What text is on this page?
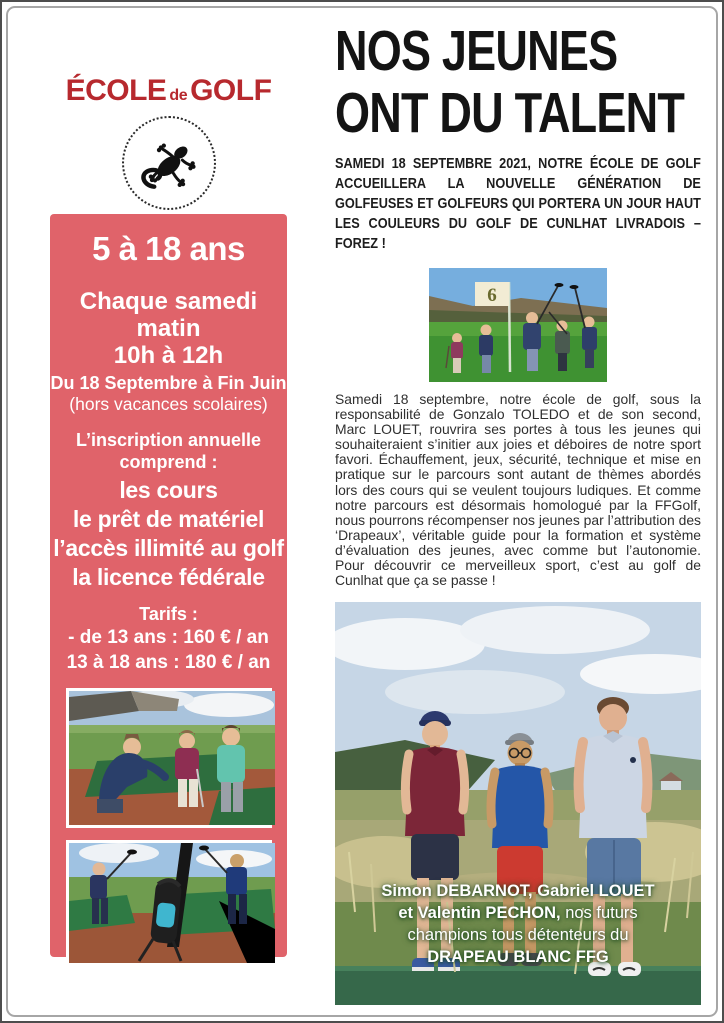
ÉCOLE de GOLF
5 à 18 ans
Chaque samedi matin
10h à 12h
Du 18 Septembre à Fin Juin
(hors vacances scolaires)
L’inscription annuelle
comprend :
les cours
le prêt de matériel
l’accès illimité au golf
la licence fédérale
Tarifs :
- de 13 ans : 160 € / an
13 à 18 ans : 180 € / an
NOS JEUNES
ONT DU TALENT

SAMEDI 18 SEPTEMBRE 2021, NOTRE ÉCOLE DE GOLF ACCUEILLERA LA NOUVELLE GÉNÉRATION DE GOLFEUSES ET GOLFEURS QUI PORTERA UN JOUR HAUT LES COULEURS DU GOLF DE CUNLHAT LIVRADOIS – FOREZ !

6

Samedi 18 septembre, notre école de golf, sous la responsabilité de Gonzalo TOLEDO et de son second, Marc LOUET, rouvrira ses portes à tous les jeunes qui souhaiteraient s’initier aux joies et déboires de notre sport favori. Échauffement, jeux, sécurité, technique et mise en pratique sur le parcours sont autant de thèmes abordés lors des cours qui se veulent toujours ludiques. Et comme notre parcours est désormais homologué par la FFGolf, nous pourrons récompenser nos jeunes par l’attribution des ‘Drapeaux’, véritable guide pour la formation et système d’évaluation des jeunes, avec comme but l’autonomie. Pour découvrir ce merveilleux sport, c’est au golf de Cunlhat que ça se passe !

Simon DEBARNOT, Gabriel LOUET
et Valentin PECHON, nos futurs
champions tous détenteurs du
DRAPEAU BLANC FFG
